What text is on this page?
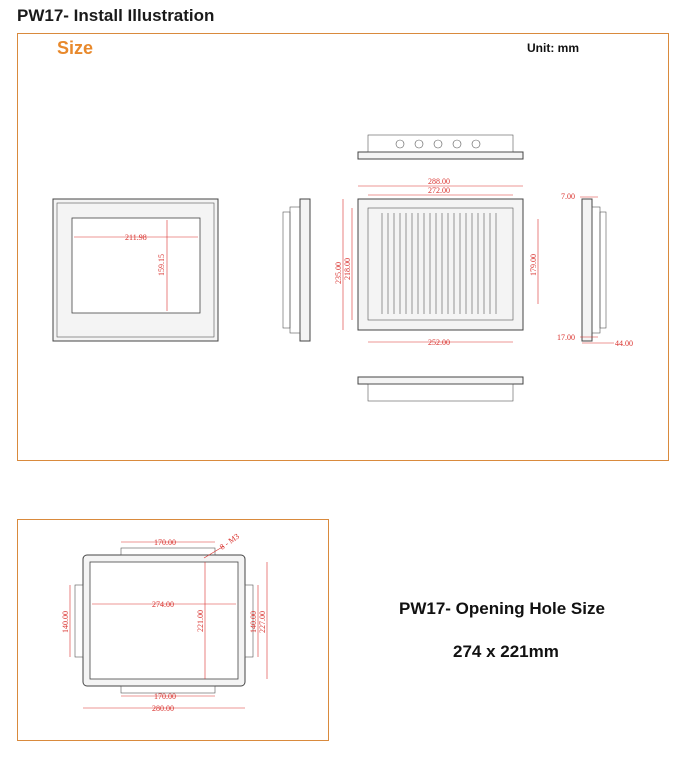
PW17- Install Illustration
Size	Unit: mm
211.98
159.15
288.00
272.00
252.00
235.00 218.00	179.00
7.00
17.00
44.00
170.00	8 - M3
274.00
221.00
140.00	140.00 227.00
170.00
280.00
PW17- Opening Hole Size
274 x 221mm
